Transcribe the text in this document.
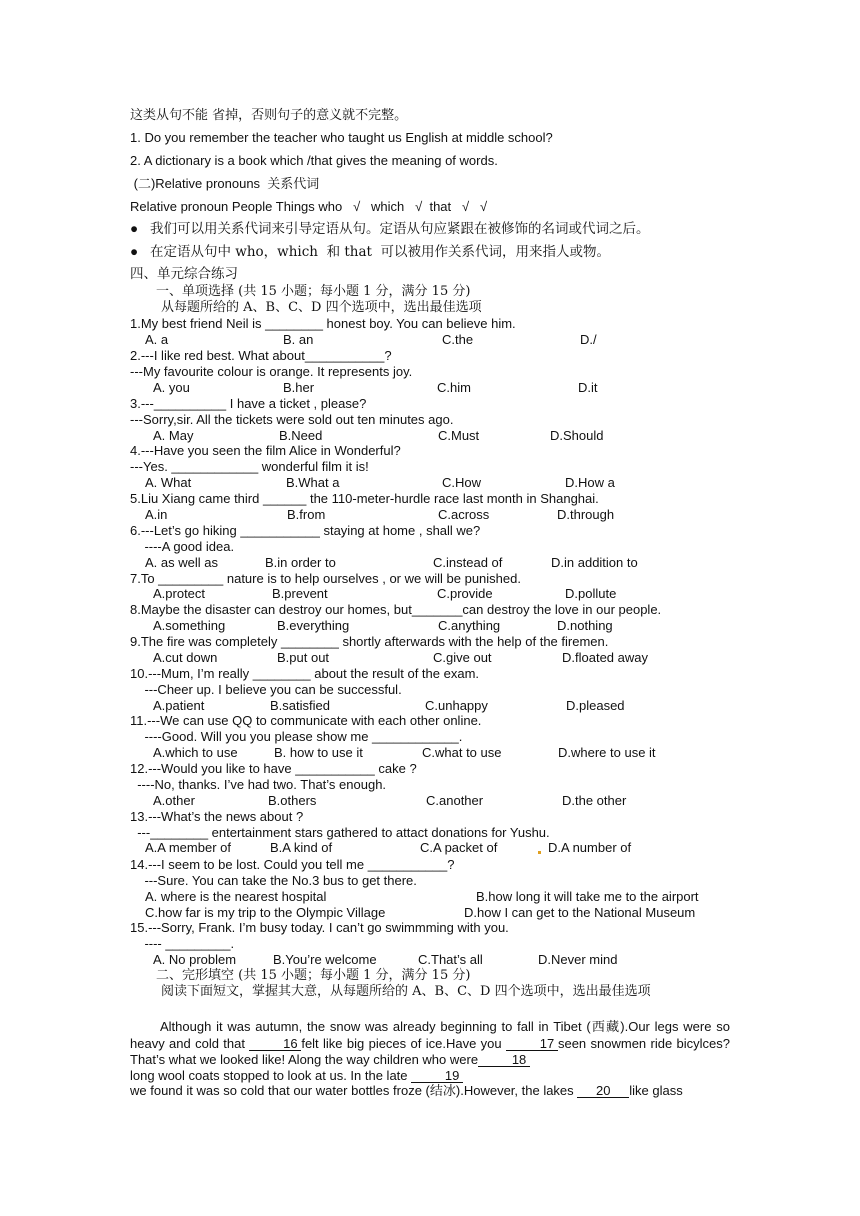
这类从句不能 省掉，否则句子的意义就不完整。
1. Do you remember the teacher who taught us English at middle school?
2. A dictionary is a book which /that gives the meaning of words.
(二)Relative pronouns  关系代词
Relative pronoun People Things who   √   which   √  that   √   √
● 我们可以用关系代词来引导定语从句。定语从句应紧跟在被修饰的名词或代词之后。
● 在定语从句中 who，which  和 that  可以被用作关系代词，用来指人或物。
四、单元综合练习
一、单项选择 (共 15 小题；每小题 1 分，满分 15 分)
从每题所给的 A、B、C、D 四个选项中，选出最佳选项
1.My best friend Neil is ________ honest boy. You can believe him.
A. a	B. an	C.the	D./
2.---I like red best. What about___________?
---My favourite colour is orange. It represents joy.
A. you	B.her	C.him	D.it
3.---__________ I have a ticket , please?
---Sorry,sir. All the tickets were sold out ten minutes ago.
A. May	B.Need	C.Must	D.Should
4.---Have you seen the film Alice in Wonderful?
---Yes. ____________ wonderful film it is!
A. What	B.What a	C.How	D.How a
5.Liu Xiang came third ______ the 110-meter-hurdle race last month in Shanghai.
A.in	B.from	C.across	D.through
6.---Let’s go hiking ___________ staying at home , shall we?
----A good idea.
A. as well as	B.in order to	C.instead of	D.in addition to
7.To _________ nature is to help ourselves , or we will be punished.
A.protect	B.prevent	C.provide	D.pollute
8.Maybe the disaster can destroy our homes, but_______can destroy the love in our people.
A.something	B.everything	C.anything	D.nothing
9.The fire was completely ________ shortly afterwards with the help of the firemen.
A.cut down	B.put out	C.give out	D.floated away
10.---Mum, I’m really ________ about the result of the exam.
---Cheer up. I believe you can be successful.
A.patient	B.satisfied	C.unhappy	D.pleased
11.---We can use QQ to communicate with each other online.
----Good. Will you you please show me ____________.
A.which to use	B. how to use it	C.what to use	D.where to use it
12.---Would you like to have ___________ cake ?
----No, thanks. I’ve had two. That’s enough.
A.other	B.others	C.another	D.the other
13.---What’s the news about ?
---________ entertainment stars gathered to attact donations for Yushu.
A.A member of	B.A kind of	C.A packet of	D.A number of
14.---I seem to be lost. Could you tell me ___________?
---Sure. You can take the No.3 bus to get there.
A. where is the nearest hospital	B.how long it will take me to the airport
C.how far is my trip to the Olympic Village	D.how I can get to the National Museum
15.---Sorry, Frank. I’m busy today. I can’t go swimmming with you.
---- _________.
A. No problem	B.You’re welcome	C.That’s all	D.Never mind
二、完形填空 (共 15 小题；每小题 1 分，满分 15 分)
阅读下面短文，掌握其大意，从每题所给的 A、B、C、D 四个选项中，选出最佳选项
Although it was autumn, the snow was already beginning to fall in Tibet (西藏).Our legs were so heavy and cold that	16 felt like big pieces of ice.Have you	17 seen snowmen ride bicylces? That’s what we looked like! Along the way children who were	18
long wool coats stopped to look at us. In the late	19
we found it was so cold that our water bottles froze (结冰).However, the lakes 20 like glass
